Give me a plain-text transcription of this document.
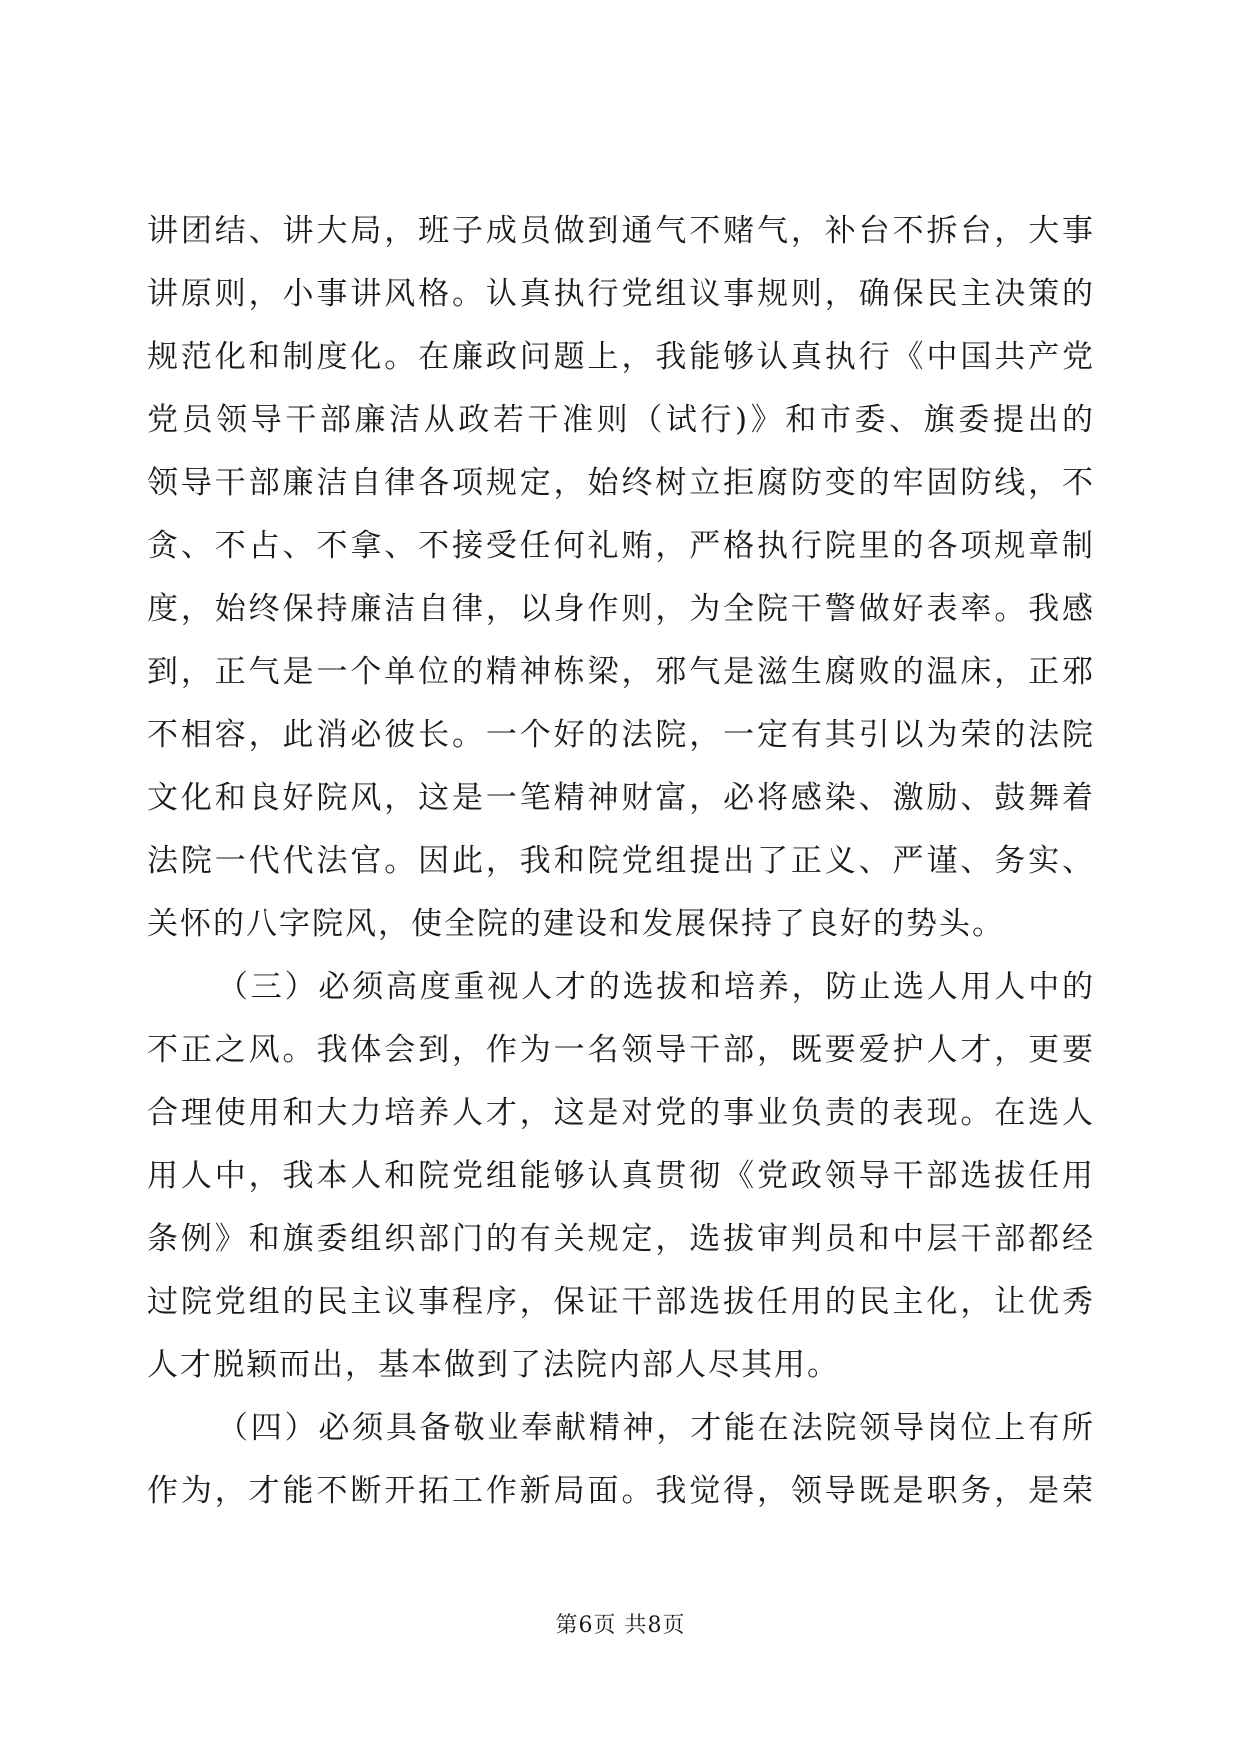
讲团结、讲大局，班子成员做到通气不赌气，补台不拆台，大事
讲原则，小事讲风格。认真执行党组议事规则，确保民主决策的
规范化和制度化。在廉政问题上，我能够认真执行《中国共产党
党员领导干部廉洁从政若干准则（试行)》和市委、旗委提出的
领导干部廉洁自律各项规定，始终树立拒腐防变的牢固防线，不
贪、不占、不拿、不接受任何礼贿，严格执行院里的各项规章制
度，始终保持廉洁自律，以身作则，为全院干警做好表率。我感
到，正气是一个单位的精神栋梁，邪气是滋生腐败的温床，正邪
不相容，此消必彼长。一个好的法院，一定有其引以为荣的法院
文化和良好院风，这是一笔精神财富，必将感染、激励、鼓舞着
法院一代代法官。因此，我和院党组提出了正义、严谨、务实、
关怀的八字院风，使全院的建设和发展保持了良好的势头。
（三）必须高度重视人才的选拔和培养，防止选人用人中的
不正之风。我体会到，作为一名领导干部，既要爱护人才，更要
合理使用和大力培养人才，这是对党的事业负责的表现。在选人
用人中，我本人和院党组能够认真贯彻《党政领导干部选拔任用
条例》和旗委组织部门的有关规定，选拔审判员和中层干部都经
过院党组的民主议事程序，保证干部选拔任用的民主化，让优秀
人才脱颖而出，基本做到了法院内部人尽其用。
（四）必须具备敬业奉献精神，才能在法院领导岗位上有所
作为，才能不断开拓工作新局面。我觉得，领导既是职务，是荣
第6页 共8页
